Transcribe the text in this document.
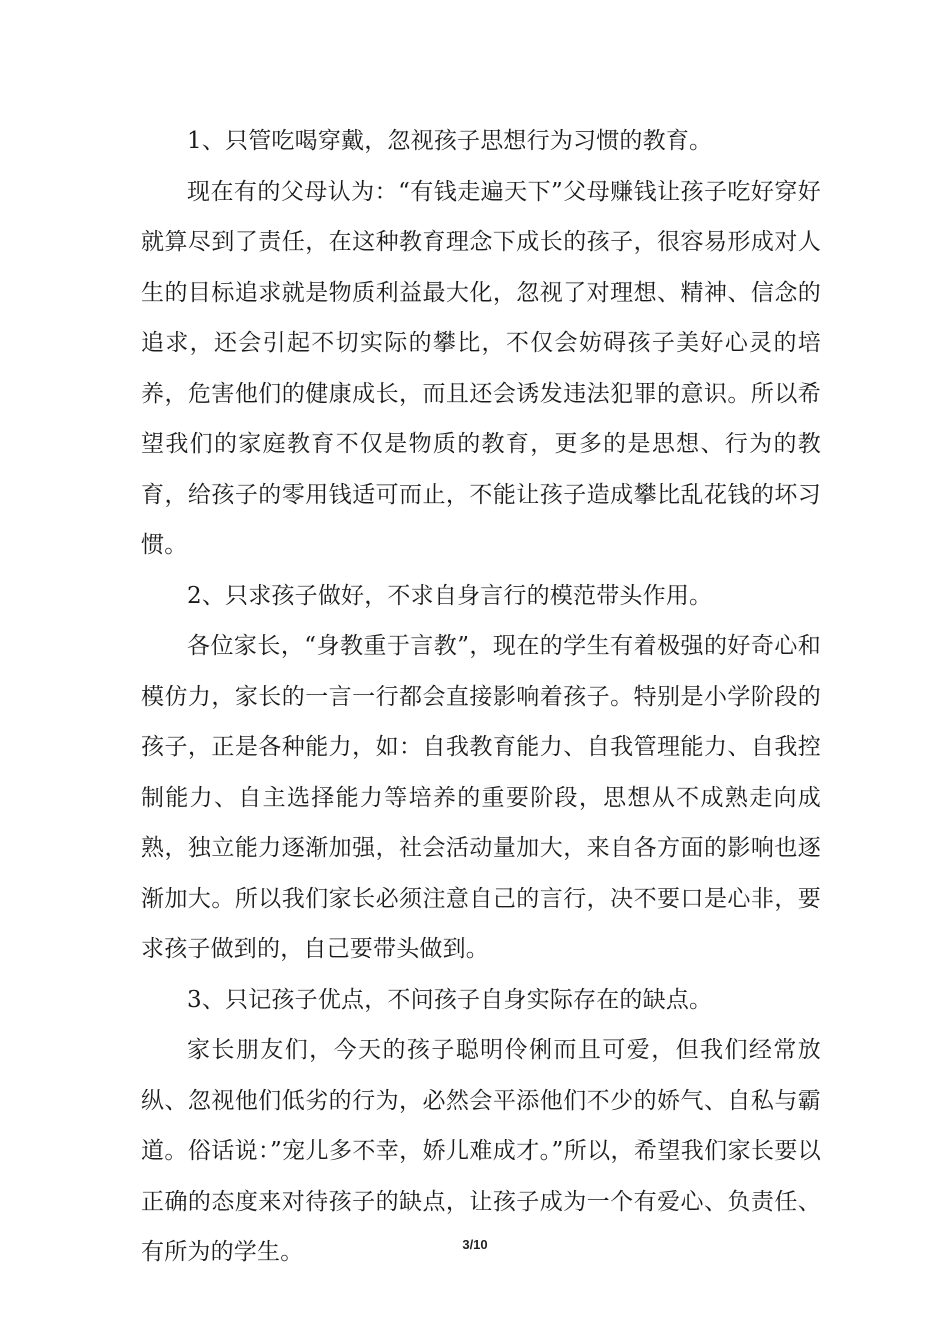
1、只管吃喝穿戴，忽视孩子思想行为习惯的教育。

现在有的父母认为：“有钱走遍天下”父母赚钱让孩子吃好穿好就算尽到了责任，在这种教育理念下成长的孩子，很容易形成对人生的目标追求就是物质利益最大化，忽视了对理想、精神、信念的追求，还会引起不切实际的攀比，不仅会妨碍孩子美好心灵的培养，危害他们的健康成长，而且还会诱发违法犯罪的意识。所以希望我们的家庭教育不仅是物质的教育，更多的是思想、行为的教育，给孩子的零用钱适可而止，不能让孩子造成攀比乱花钱的坏习惯。

2、只求孩子做好，不求自身言行的模范带头作用。

各位家长，“身教重于言教”，现在的学生有着极强的好奇心和模仿力，家长的一言一行都会直接影响着孩子。特别是小学阶段的孩子，正是各种能力，如：自我教育能力、自我管理能力、自我控制能力、自主选择能力等培养的重要阶段，思想从不成熟走向成熟，独立能力逐渐加强，社会活动量加大，来自各方面的影响也逐渐加大。所以我们家长必须注意自己的言行，决不要口是心非，要求孩子做到的，自己要带头做到。

3、只记孩子优点，不问孩子自身实际存在的缺点。

家长朋友们，今天的孩子聪明伶俐而且可爱，但我们经常放纵、忽视他们低劣的行为，必然会平添他们不少的娇气、自私与霸道。俗话说：”宠儿多不幸，娇儿难成才。”所以，希望我们家长要以正确的态度来对待孩子的缺点，让孩子成为一个有爱心、负责任、有所为的学生。	3/10
